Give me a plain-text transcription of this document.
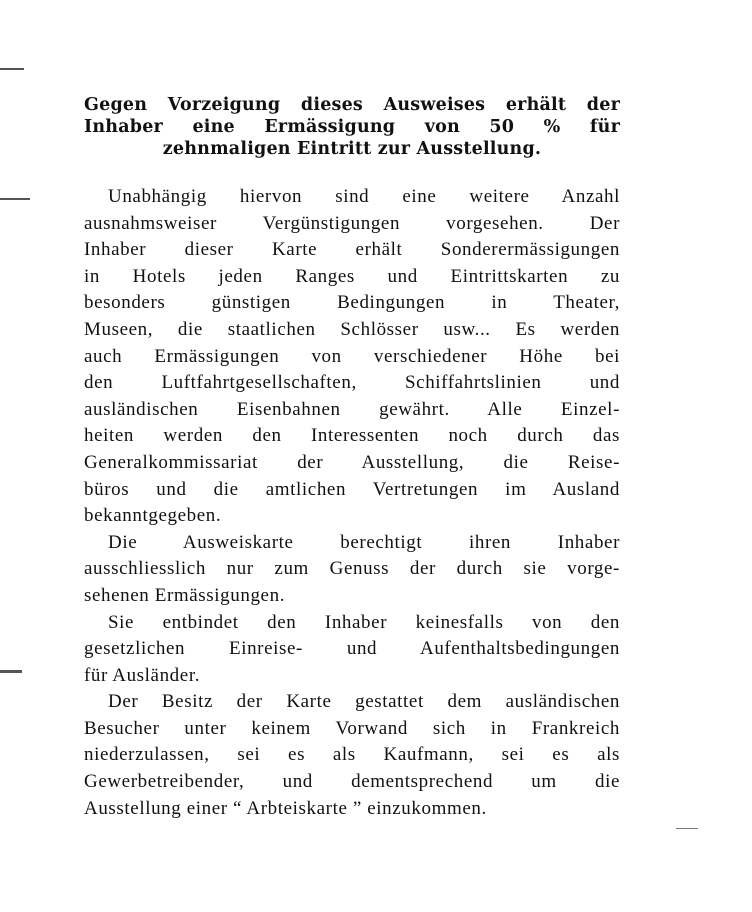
Gegen Vorzeigung dieses Ausweises erhält der
Inhaber eine Ermässigung von 50 % für
zehnmaligen Eintritt zur Ausstellung.
Unabhängig hiervon sind eine weitere Anzahl
ausnahmsweiser Vergünstigungen vorgesehen. Der
Inhaber dieser Karte erhält Sonderermässigungen
in Hotels jeden Ranges und Eintrittskarten zu
besonders günstigen Bedingungen in Theater,
Museen, die staatlichen Schlösser usw... Es werden
auch Ermässigungen von verschiedener Höhe bei
den Luftfahrtgesellschaften, Schiffahrtslinien und
ausländischen Eisenbahnen gewährt. Alle Einzel-
heiten werden den Interessenten noch durch das
Generalkommissariat der Ausstellung, die Reise-
büros und die amtlichen Vertretungen im Ausland
bekanntgegeben.
Die Ausweiskarte berechtigt ihren Inhaber
ausschliesslich nur zum Genuss der durch sie vorge-
sehenen Ermässigungen.
Sie entbindet den Inhaber keinesfalls von den
gesetzlichen Einreise- und Aufenthaltsbedingungen
für Ausländer.
Der Besitz der Karte gestattet dem ausländischen
Besucher unter keinem Vorwand sich in Frankreich
niederzulassen, sei es als Kaufmann, sei es als
Gewerbetreibender, und dementsprechend um die
Ausstellung einer “ Arbteiskarte ” einzukommen.
